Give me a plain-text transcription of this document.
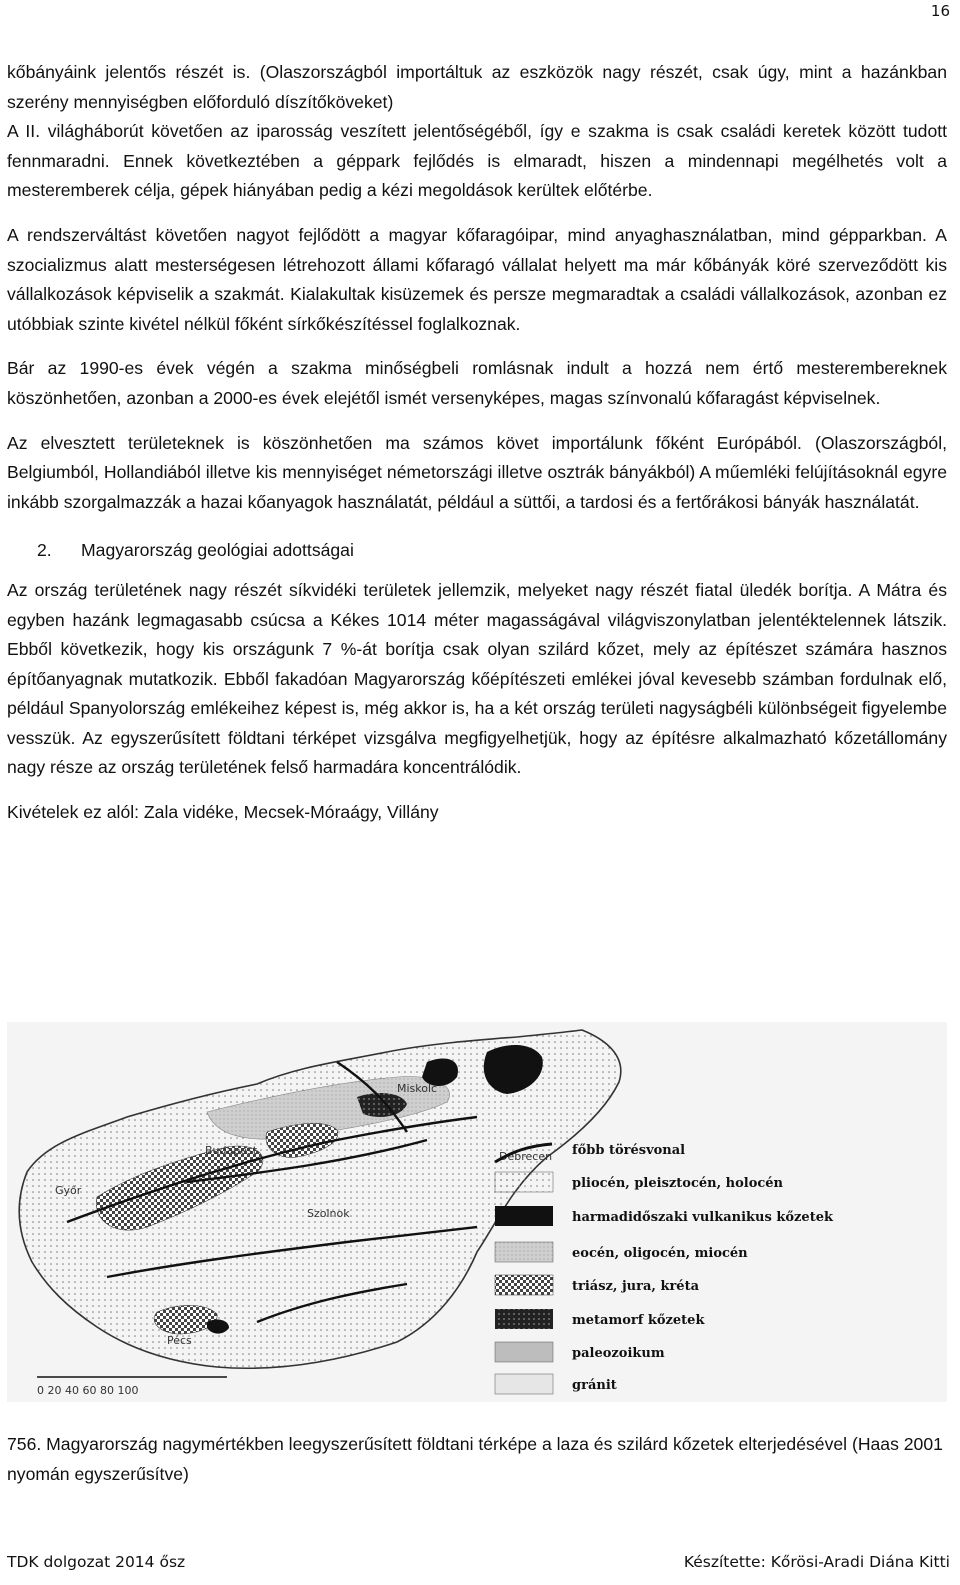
16

kőbányáink jelentős részét is. (Olaszországból importáltuk az eszközök nagy részét, csak úgy, mint a hazánkban szerény mennyiségben előforduló díszítőköveket)

A II. világháborút követően az iparosság veszített jelentőségéből, így e szakma is csak családi keretek között tudott fennmaradni. Ennek következtében a géppark fejlődés is elmaradt, hiszen a mindennapi megélhetés volt a mesteremberek célja, gépek hiányában pedig a kézi megoldások kerültek előtérbe.

A rendszerváltást követően nagyot fejlődött a magyar kőfaragóipar, mind anyaghasználatban, mind gépparkban. A szocializmus alatt mesterségesen létrehozott állami kőfaragó vállalat helyett ma már kőbányák köré szerveződött kis vállalkozások képviselik a szakmát. Kialakultak kisüzemek és persze megmaradtak a családi vállalkozások, azonban ez utóbbiak szinte kivétel nélkül főként sírkőkészítéssel foglalkoznak.

Bár az 1990-es évek végén a szakma minőségbeli romlásnak indult a hozzá nem értő mesterembereknek köszönhetően, azonban a 2000-es évek elejétől ismét versenyképes, magas színvonalú kőfaragást képviselnek.

Az elvesztett területeknek is köszönhetően ma számos követ importálunk főként Európából. (Olaszországból, Belgiumból, Hollandiából illetve kis mennyiséget németországi illetve osztrák bányákból) A műemléki felújításoknál egyre inkább szorgalmazzák a hazai kőanyagok használatát, például a süttői, a tardosi és a fertőrákosi bányák használatát.

2. Magyarország geológiai adottságai

Az ország területének nagy részét síkvidéki területek jellemzik, melyeket nagy részét fiatal üledék borítja. A Mátra és egyben hazánk legmagasabb csúcsa a Kékes 1014 méter magasságával világviszonylatban jelentéktelennek látszik. Ebből következik, hogy kis országunk 7 %-át borítja csak olyan szilárd kőzet, mely az építészet számára hasznos építőanyagnak mutatkozik. Ebből fakadóan Magyarország kőépítészeti emlékei jóval kevesebb számban fordulnak elő, például Spanyolország emlékeihez képest is, még akkor is, ha a két ország területi nagyságbéli különbségeit figyelembe vesszük. Az egyszerűsített földtani térképet vizsgálva megfigyelhetjük, hogy az építésre alkalmazható kőzetállomány nagy része az ország területének felső harmadára koncentrálódik.

Kivételek ez alól: Zala vidéke, Mecsek-Móraágy, Villány

Győr
Budapest
Miskolc
Debrecen
Szolnok
Pécs
0 20 40 60 80 100
főbb törésvonal
pliocén, pleisztocén, holocén
harmadidőszaki vulkanikus kőzetek
eocén, oligocén, miocén
triász, jura, kréta
metamorf kőzetek
paleozoikum
gránit
756. Magyarország nagymértékben leegyszerűsített földtani térképe a laza és szilárd kőzetek elterjedésével (Haas 2001 nyomán egyszerűsítve)
TDK dolgozat 2014 ősz	Készítette: Kőrösi-Aradi Diána Kitti
